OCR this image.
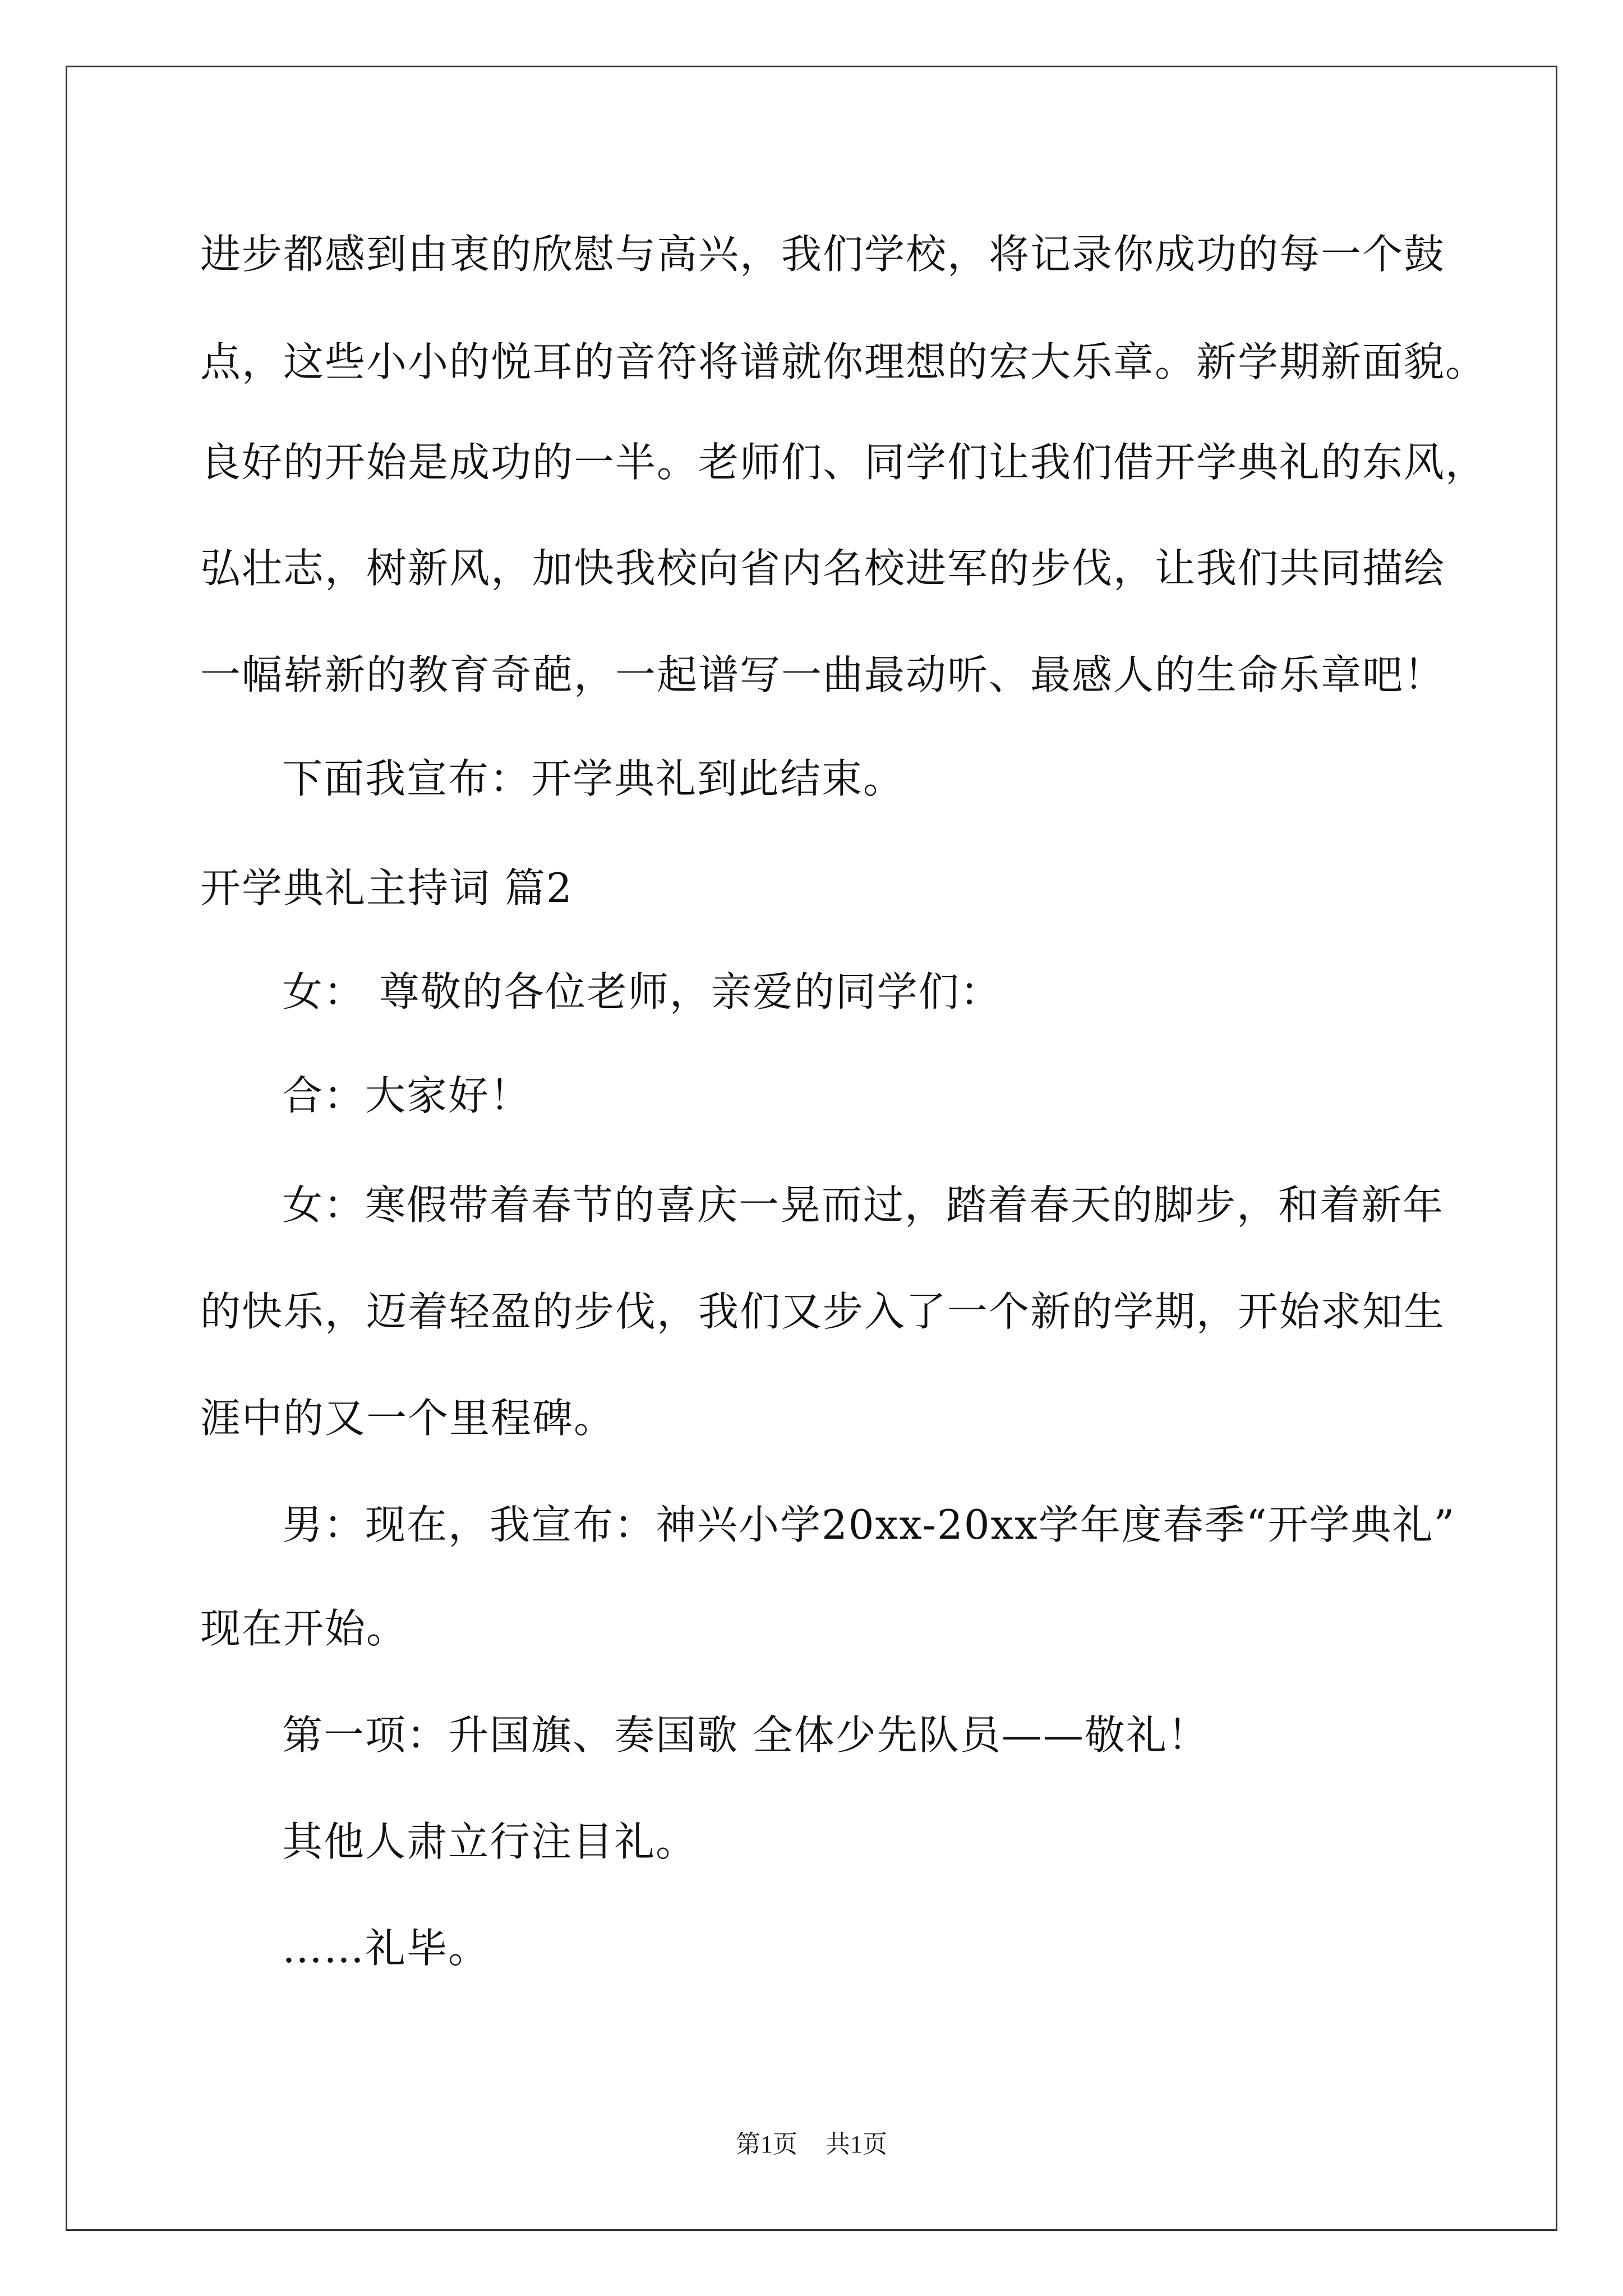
进步都感到由衷的欣慰与高兴，我们学校，将记录你成功的每一个鼓
点，这些小小的悦耳的音符将谱就你理想的宏大乐章。新学期新面貌。
良好的开始是成功的一半。老师们、同学们让我们借开学典礼的东风，
弘壮志，树新风，加快我校向省内名校进军的步伐，让我们共同描绘
一幅崭新的教育奇葩，一起谱写一曲最动听、最感人的生命乐章吧！
下面我宣布：开学典礼到此结束。
开学典礼主持词 篇2
女： 尊敬的各位老师，亲爱的同学们：
合：大家好！
女：寒假带着春节的喜庆一晃而过，踏着春天的脚步，和着新年
的快乐，迈着轻盈的步伐，我们又步入了一个新的学期，开始求知生
涯中的又一个里程碑。
男：现在，我宣布：神兴小学20xx-20xx学年度春季“开学典礼”
现在开始。
第一项：升国旗、奏国歌 全体少先队员——敬礼！
其他人肃立行注目礼。
……礼毕。
第1页 共1页
